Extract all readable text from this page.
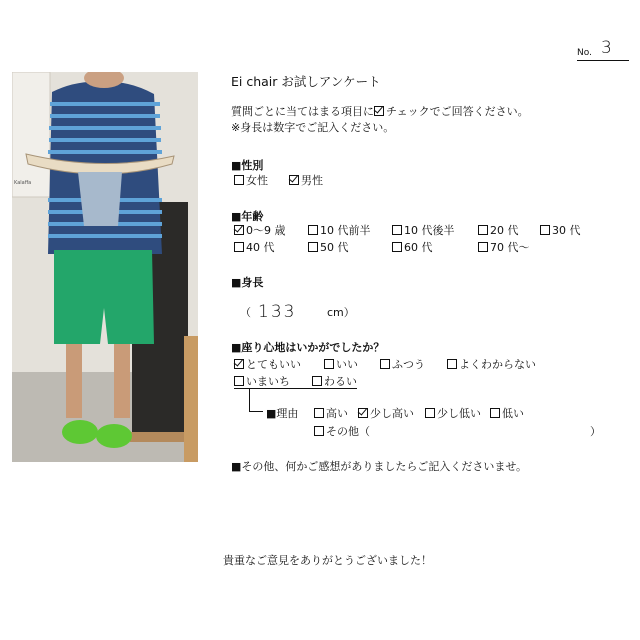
Kalaffa
No. 3
Ei chair お試しアンケート
質問ごとに当てはまる項目に チェックでご回答ください。
※身長は数字でご記入ください。
■性別
女性	男性
■年齢
0～9 歳	10 代前半	10 代後半	20 代	30 代
40 代	50 代	60 代	70 代～
■身長
（ 133	cm）
■座り心地はいかがでしたか？
とてもいい	いい	ふつう	よくわからない
いまいち	わるい
■理由	高い	少し高い	少し低い	低い
その他（	）
■その他、何かご感想がありましたらご記入くださいませ。
貴重なご意見をありがとうございました！
